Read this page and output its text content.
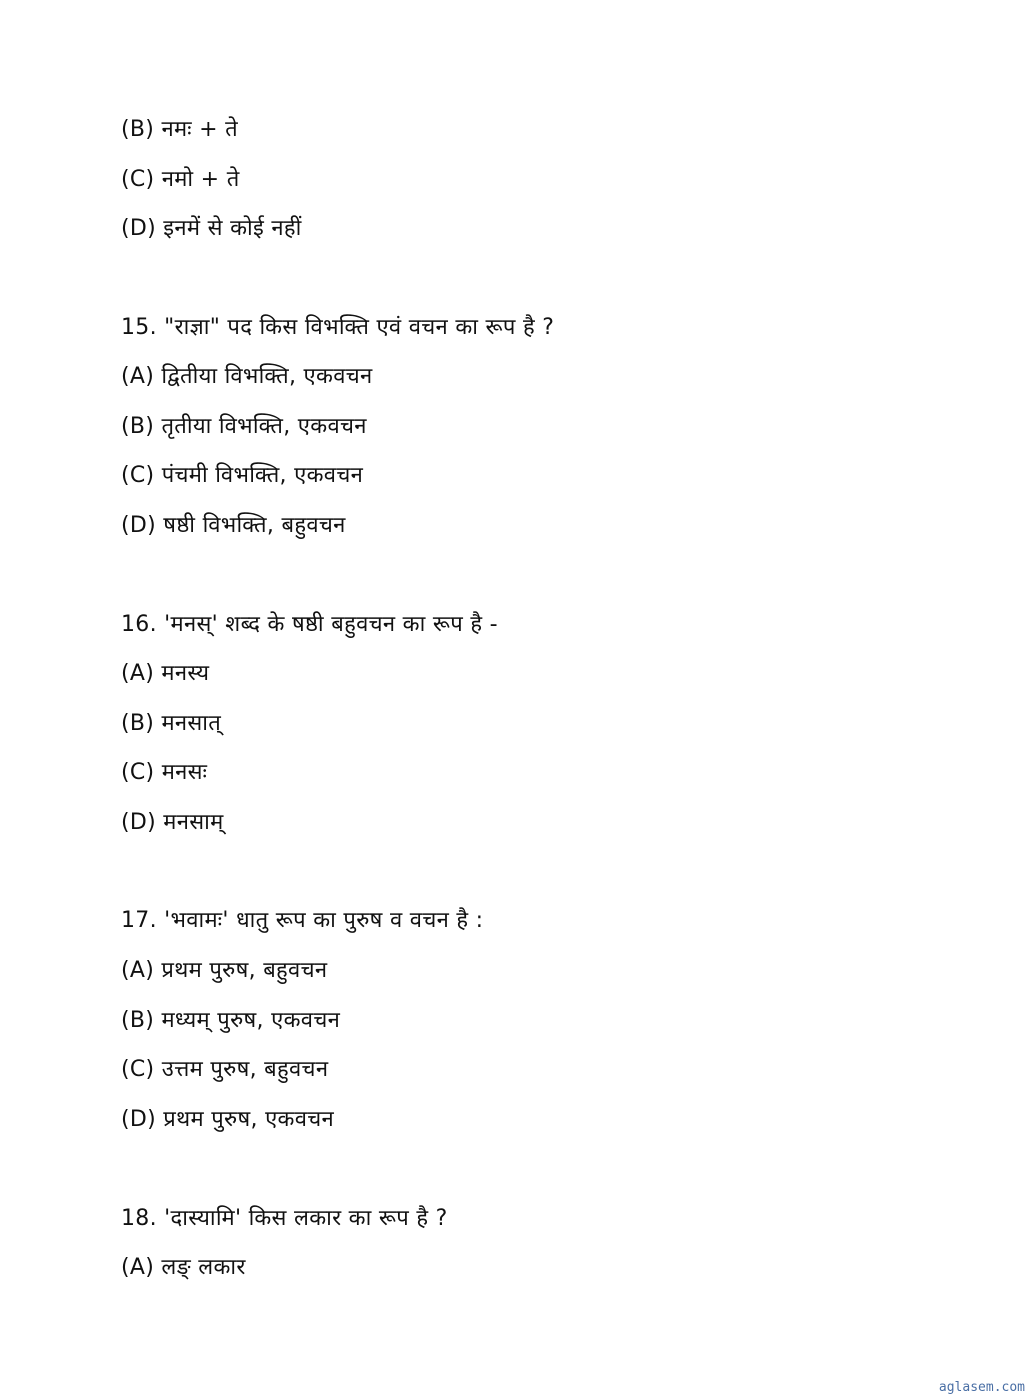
(B) नमः + ते
(C) नमो + ते
(D) इनमें से कोई नहीं
15. "राज्ञा" पद किस विभक्ति एवं वचन का रूप है ?
(A) द्वितीया विभक्ति, एकवचन
(B) तृतीया विभक्ति, एकवचन
(C) पंचमी विभक्ति, एकवचन
(D) षष्ठी विभक्ति, बहुवचन
16. 'मनस्' शब्द के षष्ठी बहुवचन का रूप है -
(A) मनस्य
(B) मनसात्
(C) मनसः
(D) मनसाम्
17. 'भवामः' धातु रूप का पुरुष व वचन है :
(A) प्रथम पुरुष, बहुवचन
(B) मध्यम् पुरुष, एकवचन
(C) उत्तम पुरुष, बहुवचन
(D) प्रथम पुरुष, एकवचन
18. 'दास्यामि' किस लकार का रूप है ?
(A) लङ् लकार
aglasem.com
